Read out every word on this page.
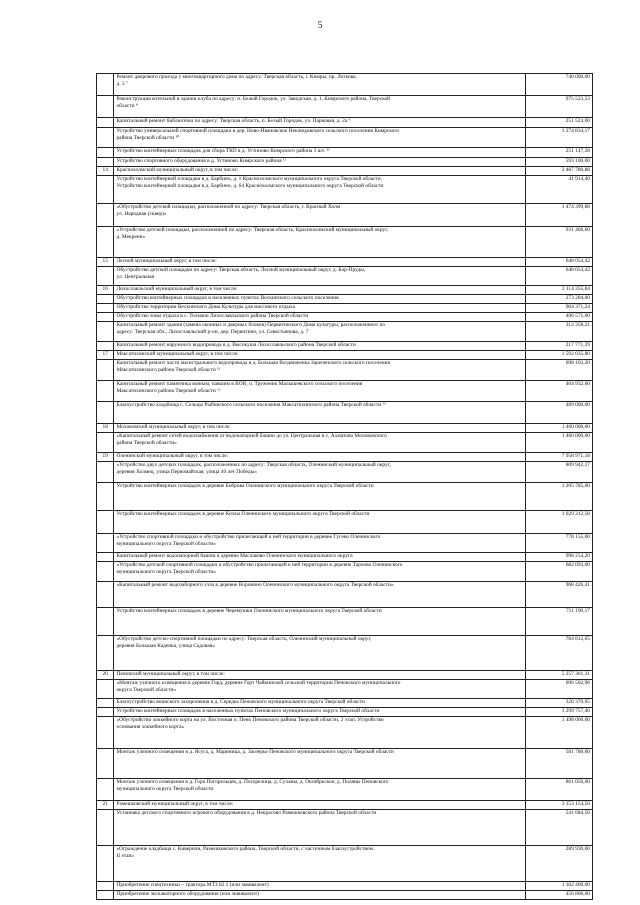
5

	Ремонт дворового проезда у многоквартирного дома по адресу: Тверская область, г. Кимры, пр. Лоткова,
д. 3 ⁷	740 000,00

	Реконструкция котельной в здании клуба по адресу: п. Белый Городок, ул. Заводская, д. 1, Кимрского района, Тверской
области ⁸	975 523,53

	Капитальный ремонт библиотеки по адресу: Тверская область, п. Белый Городок, ул. Парковая, д. 2а ⁹	251 524,00

	Устройство универсальной спортивной площадки в дер. Ново-Ивановское Неклюдовского сельского поселения Кимрского
района Тверской области ¹⁰	1 274 834,17

	Устройство контейнерных площадок для сбора ТКО в д. Устиново Кимрского района 3 шт. ¹¹	251 147,28

	Устройство спортивного оборудования в д. Устиново Кимрского района ¹¹	593 100,00
14	Краснохолмский муниципальный округ, в том числе:	2 487 780,88

	Устройство контейнерной площадки в д. Барбино, д. 1 Краснохолмского муниципального округа Тверской области,
Устройство контейнерной площадки в д. Барбино, д. 64 Краснохолмского муниципального округа Тверской области	41 914,40

	«Обустройство детской площадки, расположенной по адресу: Тверская область, г. Красный Холм
ул. Народная (сквер)»	1 474 399,88

	«Устройство детской площадки, расположенной по адресу: Тверская область, Краснохолмский муниципальный округ,
д. Мекрени»	931 466,60
15	Лесной муниципальный округ, в том числе:	648 054,42

	Обустройство детской площадки по адресу: Тверская область, Лесной муниципальный округ, д. Бор-Пруды,
ул. Центральная	648 054,42
16	Лихославльский муниципальный округ, в том числе:	2 114 355,84

	Обустройство контейнерных площадок в населенных пунктах Вескинского сельского поселения	273 284,00

	Обустройство территории Вескинского Дома Культуры для массового отдыха	904 371,24

	Обустройство зоны отдыха в с. Толмачи Лихославльского района Тверской области	406 571,00

	Капитальный ремонт здания (замена оконных и дверных блоков) Первитинского Дома культуры, расположенного по
адресу: Тверская обл., Лихославльский р-он, дер. Первитино, ул. Севастьянова, д. 7	312 358,21

	Капитальный ремонт наружного водопровода в д. Высокуша Лихославльского района Тверской области	217 771,39
17	Максатихинский муниципальный округ, в том числе:	1 592 035,80

	Капитальный ремонт части магистрального водопровода в д. Большая Воздвиженка Зареченского сельского поселения
Максатихинского района Тверской области ¹¹	698 103,20

	Капитальный ремонт памятника воинам, павшим в ВОВ, п. Труженик Малышевского сельского поселения
Максатихинского района Тверской области ¹²	404 932,60

	Благоустройство кладбища с. Сельцы Рыбинского сельского поселения Максатихинского района Тверской области ¹³	489 000,00
18	Молоковский муниципальный округ, в том числе:	1 460 000,00

	«Капитальный ремонт сетей водоснабжения от водонапорной башни до ул. Центральная в с. Ахматово Молоковского
района Тверской области»	1 460 000,00
19	Оленинский муниципальный округ, в том числе:	7 958 971,18

	«Устройство двух детских площадок, расположенных по адресу: Тверская область, Оленинский муниципальный округ,
деревня Холмец, улица Первомайская, улица 40 лет Победы»	809 942,17

	Устройство контейнерных площадок в деревне Боброва Оленинского муниципального округа Тверской области	1 205 785,00

	Устройство контейнерных площадок в деревне Козлы Оленинского муниципального округа Тверской области	1 029 312,58

	«Устройство спортивной площадки и обустройство прилегающей к ней территории в деревне Гусево Оленинского
муниципального округа Тверской области»	778 155,00

	Капитальный ремонт водонапорной башни в деревне Маслаково Оленинского муниципального округа	998 254,20

	«Устройство детской спортивной площадки и обустройство прилегающей к ней территории в деревне Тархово Оленинского
муниципального округа Тверской области»	682 093,00

	«Капитальный ремонт водозаборного узла в деревне Воронино Оленинского муниципального округа Тверской области»	968 426,41

	Устройство контейнерных площадок в деревне Черемушки Оленинского муниципального округа Тверской области	711 190,17

	«Обустройство детско-спортивной площадки по адресу: Тверская область, Оленинский муниципальный округ,
деревня Большая Каденка, улица Садовая»	784 812,65
20	Пеновский муниципальный округ, в том числе:	5 257 361,31

	«Монтаж уличного освещения в деревне Горд, деревне Горт Чайкинской сельской территории Пеновского муниципального
округа Тверской области»	696 502,96

	Благоустройство воинского захоронения в д. Середка Пеновского муниципального округа Тверской области	320 370,95

	Устройство контейнерных площадок в населенных пунктах Пеновского муниципального округа Тверской области	1 299 757,40

	«Обустройство хоккейного корта на ул. Восточная п. Пено Пеновского района Тверской области, 2 этап. Устройство
основания хоккейного корта»	1 498 000,00

	Монтаж уличного освещения в д. Ясуга, д. Мариница, д. Заозерье Пеновского муниципального округа Тверской области	581 780,00

	Монтаж уличного освещения в д. Гора Погорельцев, д. Погорелица, д. Суханы, д. Октябрьское, д. Поляны Пеновского
муниципального округа Тверской области	861 050,00
21	Рамешковский муниципальный округ, в том числе:	3 153 154,56

	Установка детского спортивного игрового оборудования в д. Некрасово Рамешковского района Тверской области	541 684,56

	«Ограждение кладбища с. Киверичи, Рамешковского района, Тверской области, с частичным благоустройством.
II этап»	289 930,00

	Приобретение спецтехники – трактора МТЗ 82.1 (или эквивалент)	1 302 400,00

	Приобретение экскаваторного оборудования (или эквивалент)	456 800,00
